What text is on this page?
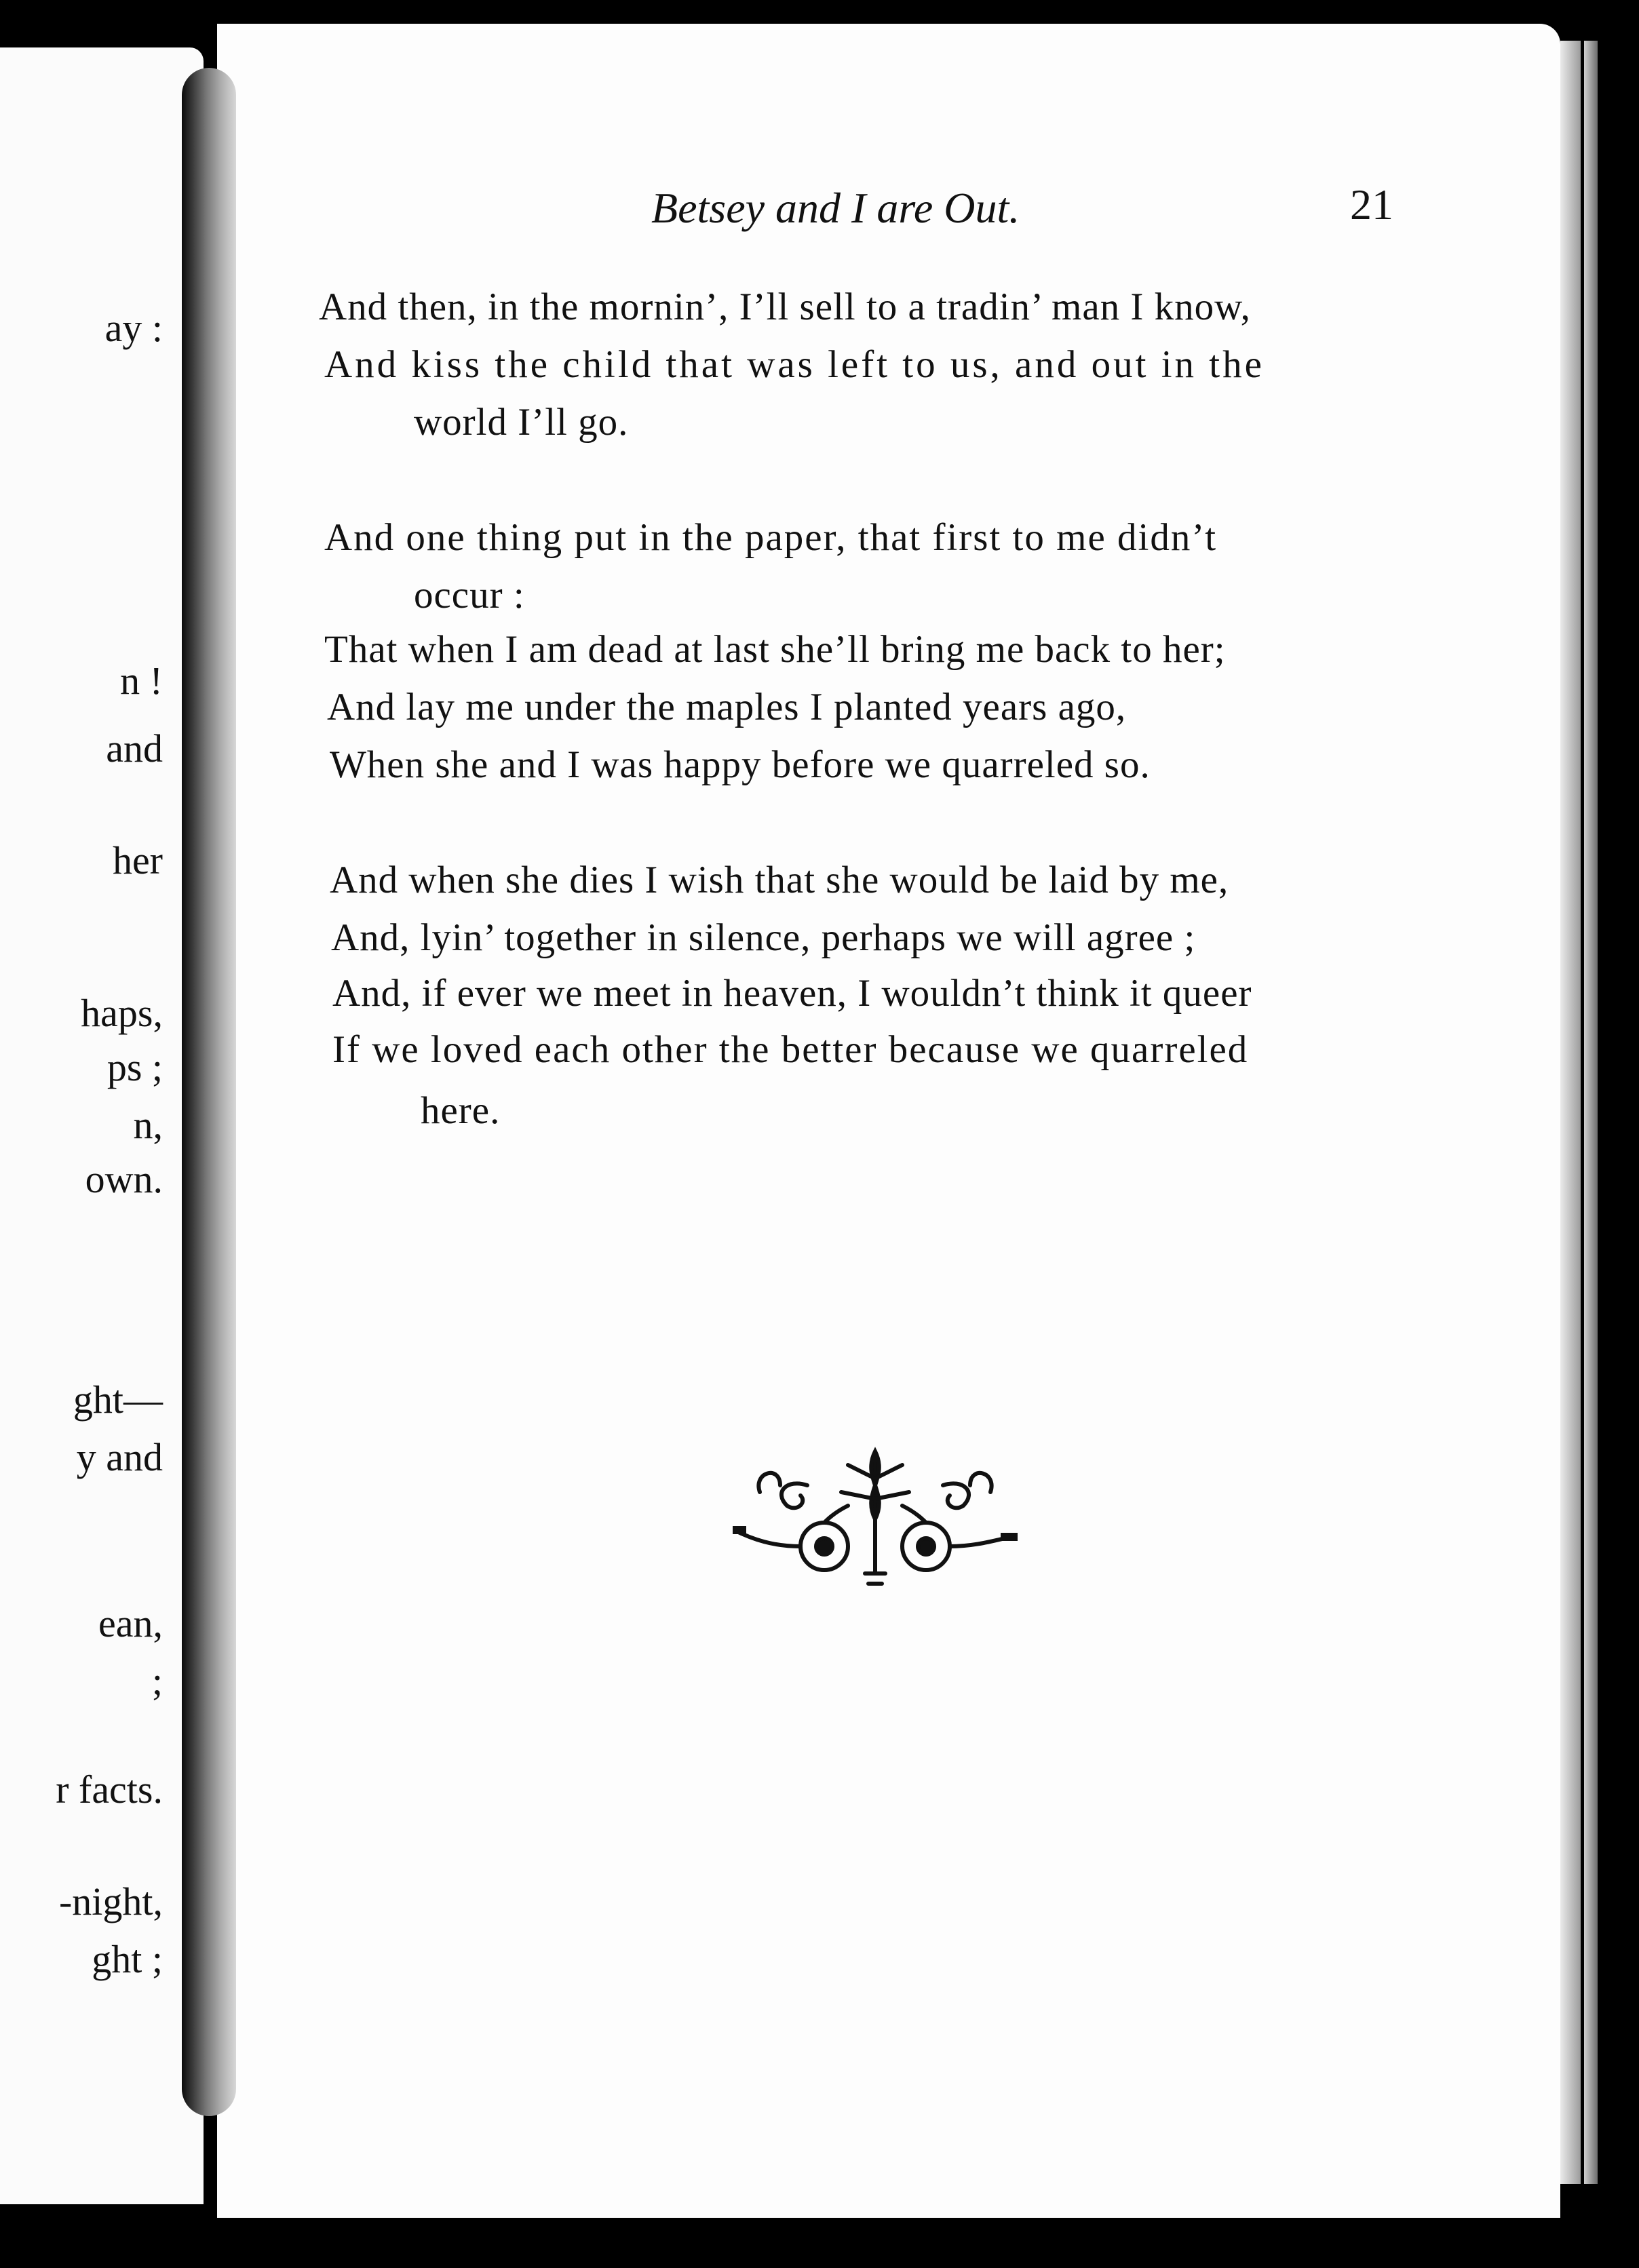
ay :
n !
and
her
haps,
ps ;
n,
own.
ght—
y and
ean,
;
r facts.
-night,
ght ;
Betsey and I are Out.	21
And then, in the mornin’, I’ll sell to a tradin’ man I know,
And kiss the child that was left to us, and out in the
world I’ll go.
And one thing put in the paper, that first to me didn’t
occur :
That when I am dead at last she’ll bring me back to her;
And lay me under the maples I planted years ago,
When she and I was happy before we quarreled so.
And when she dies I wish that she would be laid by me,
And, lyin’ together in silence, perhaps we will agree ;
And, if ever we meet in heaven, I wouldn’t think it queer
If we loved each other the better because we quarreled
here.
